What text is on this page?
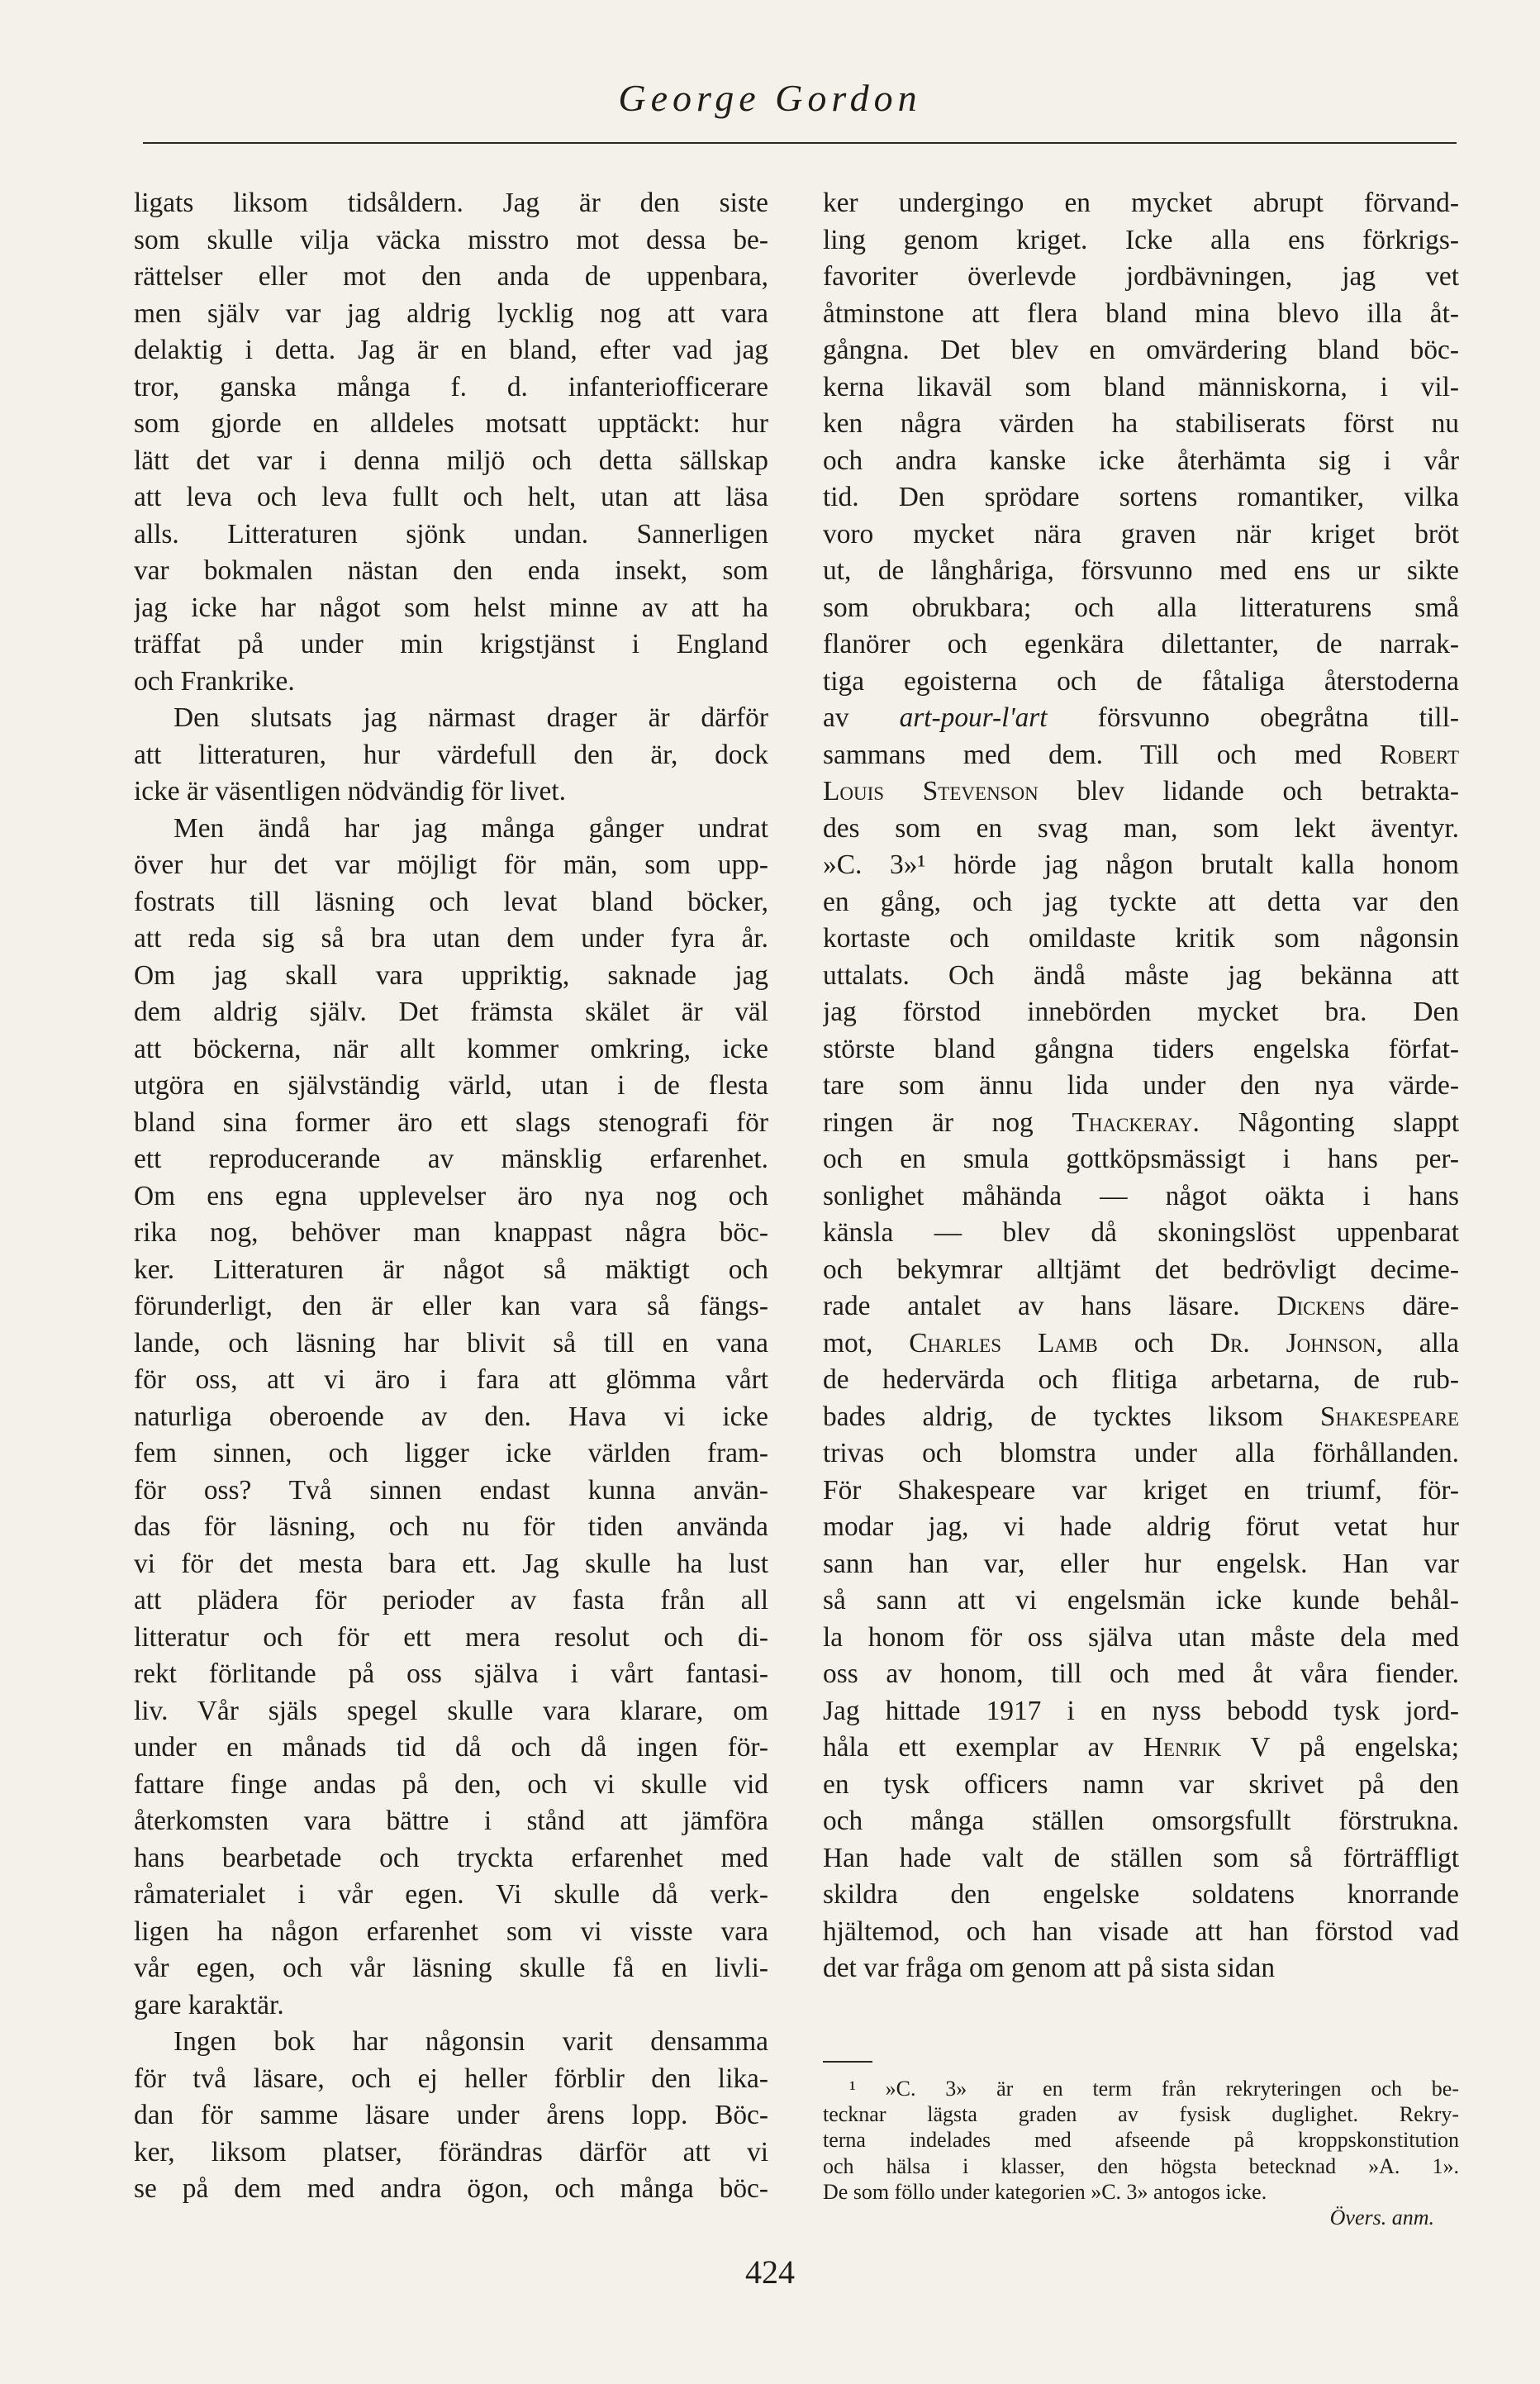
George Gordon
ligats liksom tidsåldern. Jag är den siste
som skulle vilja väcka misstro mot dessa be-
rättelser eller mot den anda de uppenbara,
men själv var jag aldrig lycklig nog att vara
delaktig i detta. Jag är en bland, efter vad jag
tror, ganska många f. d. infanteriofficerare
som gjorde en alldeles motsatt upptäckt: hur
lätt det var i denna miljö och detta sällskap
att leva och leva fullt och helt, utan att läsa
alls. Litteraturen sjönk undan. Sannerligen
var bokmalen nästan den enda insekt, som
jag icke har något som helst minne av att ha
träffat på under min krigstjänst i England
och Frankrike.
Den slutsats jag närmast drager är därför
att litteraturen, hur värdefull den är, dock
icke är väsentligen nödvändig för livet.
Men ändå har jag många gånger undrat
över hur det var möjligt för män, som upp-
fostrats till läsning och levat bland böcker,
att reda sig så bra utan dem under fyra år.
Om jag skall vara uppriktig, saknade jag
dem aldrig själv. Det främsta skälet är väl
att böckerna, när allt kommer omkring, icke
utgöra en självständig värld, utan i de flesta
bland sina former äro ett slags stenografi för
ett reproducerande av mänsklig erfarenhet.
Om ens egna upplevelser äro nya nog och
rika nog, behöver man knappast några böc-
ker. Litteraturen är något så mäktigt och
förunderligt, den är eller kan vara så fängs-
lande, och läsning har blivit så till en vana
för oss, att vi äro i fara att glömma vårt
naturliga oberoende av den. Hava vi icke
fem sinnen, och ligger icke världen fram-
för oss? Två sinnen endast kunna använ-
das för läsning, och nu för tiden använda
vi för det mesta bara ett. Jag skulle ha lust
att plädera för perioder av fasta från all
litteratur och för ett mera resolut och di-
rekt förlitande på oss själva i vårt fantasi-
liv. Vår själs spegel skulle vara klarare, om
under en månads tid då och då ingen för-
fattare finge andas på den, och vi skulle vid
återkomsten vara bättre i stånd att jämföra
hans bearbetade och tryckta erfarenhet med
råmaterialet i vår egen. Vi skulle då verk-
ligen ha någon erfarenhet som vi visste vara
vår egen, och vår läsning skulle få en livli-
gare karaktär.
Ingen bok har någonsin varit densamma
för två läsare, och ej heller förblir den lika-
dan för samme läsare under årens lopp. Böc-
ker, liksom platser, förändras därför att vi
se på dem med andra ögon, och många böc-
ker undergingo en mycket abrupt förvand-
ling genom kriget. Icke alla ens förkrigs-
favoriter överlevde jordbävningen, jag vet
åtminstone att flera bland mina blevo illa åt-
gångna. Det blev en omvärdering bland böc-
kerna likaväl som bland människorna, i vil-
ken några värden ha stabiliserats först nu
och andra kanske icke återhämta sig i vår
tid. Den sprödare sortens romantiker, vilka
voro mycket nära graven när kriget bröt
ut, de långhåriga, försvunno med ens ur sikte
som obrukbara; och alla litteraturens små
flanörer och egenkära dilettanter, de narrak-
tiga egoisterna och de fåtaliga återstoderna
av art-pour-l'art försvunno obegråtna till-
sammans med dem. Till och med Robert
Louis Stevenson blev lidande och betrakta-
des som en svag man, som lekt äventyr.
»C. 3»¹ hörde jag någon brutalt kalla honom
en gång, och jag tyckte att detta var den
kortaste och omildaste kritik som någonsin
uttalats. Och ändå måste jag bekänna att
jag förstod innebörden mycket bra. Den
störste bland gångna tiders engelska förfat-
tare som ännu lida under den nya värde-
ringen är nog Thackeray. Någonting slappt
och en smula gottköpsmässigt i hans per-
sonlighet måhända — något oäkta i hans
känsla — blev då skoningslöst uppenbarat
och bekymrar alltjämt det bedrövligt decime-
rade antalet av hans läsare. Dickens däre-
mot, Charles Lamb och Dr. Johnson, alla
de hedervärda och flitiga arbetarna, de rub-
bades aldrig, de tycktes liksom Shakespeare
trivas och blomstra under alla förhållanden.
För Shakespeare var kriget en triumf, för-
modar jag, vi hade aldrig förut vetat hur
sann han var, eller hur engelsk. Han var
så sann att vi engelsmän icke kunde behål-
la honom för oss själva utan måste dela med
oss av honom, till och med åt våra fiender.
Jag hittade 1917 i en nyss bebodd tysk jord-
håla ett exemplar av Henrik V på engelska;
en tysk officers namn var skrivet på den
och många ställen omsorgsfullt förstrukna.
Han hade valt de ställen som så förträffligt
skildra den engelske soldatens knorrande
hjältemod, och han visade att han förstod vad
det var fråga om genom att på sista sidan
¹ »C. 3» är en term från rekryteringen och be-
tecknar lägsta graden av fysisk duglighet. Rekry-
terna indelades med afseende på kroppskonstitution
och hälsa i klasser, den högsta betecknad »A. 1».
De som föllo under kategorien »C. 3» antogos icke.
Övers. anm.
424
